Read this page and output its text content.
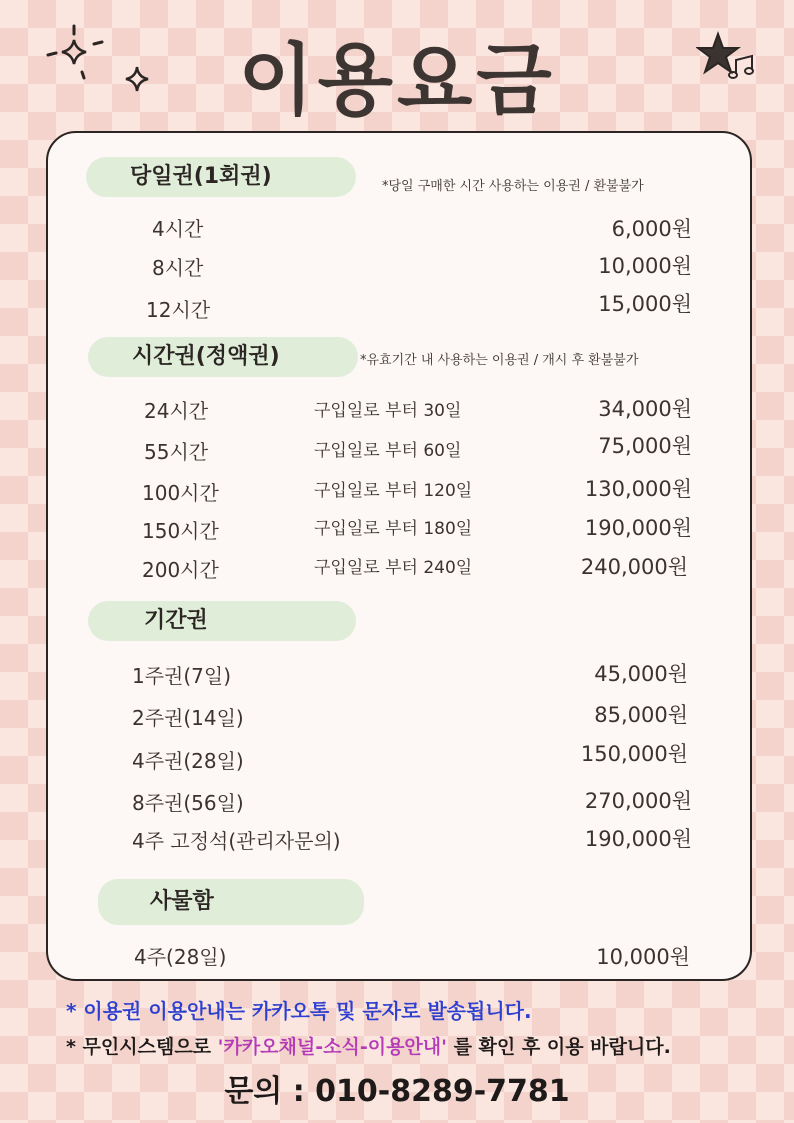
이용요금
당일권(1회권)	*당일 구매한 시간 사용하는 이용권 / 환불불가
4시간	6,000원
8시간	10,000원
12시간	15,000원
시간권(정액권)	*유효기간 내 사용하는 이용권 / 개시 후 환불불가
24시간	구입일로 부터 30일	34,000원
55시간	구입일로 부터 60일	75,000원
100시간	구입일로 부터 120일	130,000원
150시간	구입일로 부터 180일	190,000원
200시간	구입일로 부터 240일	240,000원
기간권
1주권(7일)	45,000원
2주권(14일)	85,000원
4주권(28일)	150,000원
8주권(56일)	270,000원
4주 고정석(관리자문의)	190,000원
사물함
4주(28일)	10,000원
* 이용권 이용안내는 카카오톡 및 문자로 발송됩니다.
* 무인시스템으로 '카카오채널-소식-이용안내' 를 확인 후 이용 바랍니다.
문의 : 010-8289-7781
